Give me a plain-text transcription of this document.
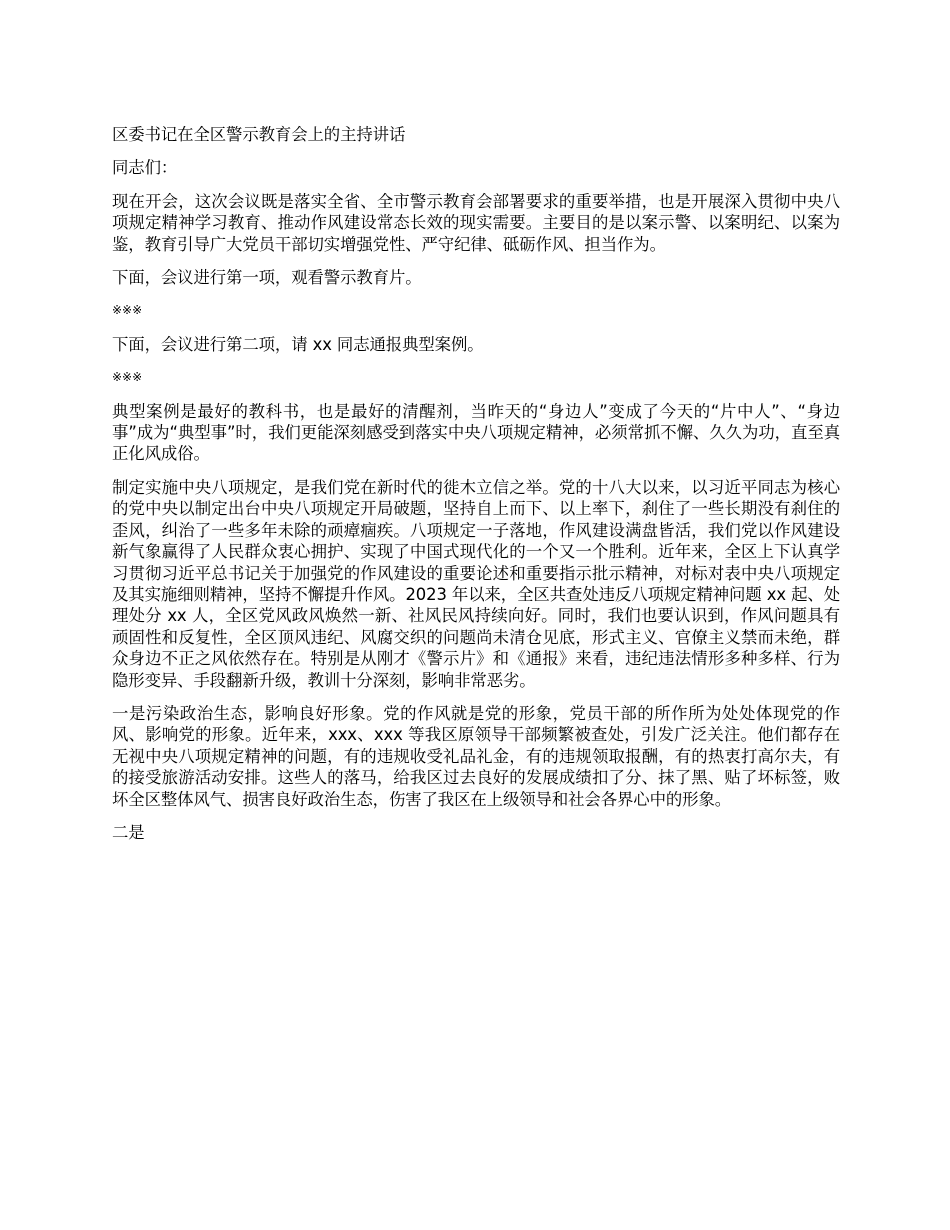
区委书记在全区警示教育会上的主持讲话

同志们：

现在开会，这次会议既是落实全省、全市警示教育会部署要求的重要举措，也是开展深入贯彻中央八项规定精神学习教育、推动作风建设常态长效的现实需要。主要目的是以案示警、以案明纪、以案为鉴，教育引导广大党员干部切实增强党性、严守纪律、砥砺作风、担当作为。

下面，会议进行第一项，观看警示教育片。

※※※

下面，会议进行第二项，请 xx 同志通报典型案例。

※※※

典型案例是最好的教科书，也是最好的清醒剂，当昨天的“身边人”变成了今天的“片中人”、“身边事”成为“典型事”时，我们更能深刻感受到落实中央八项规定精神，必须常抓不懈、久久为功，直至真正化风成俗。

制定实施中央八项规定，是我们党在新时代的徙木立信之举。党的十八大以来，以习近平同志为核心的党中央以制定出台中央八项规定开局破题，坚持自上而下、以上率下，刹住了一些长期没有刹住的歪风，纠治了一些多年未除的顽瘴痼疾。八项规定一子落地，作风建设满盘皆活，我们党以作风建设新气象赢得了人民群众衷心拥护、实现了中国式现代化的一个又一个胜利。近年来，全区上下认真学习贯彻习近平总书记关于加强党的作风建设的重要论述和重要指示批示精神，对标对表中央八项规定及其实施细则精神，坚持不懈提升作风。2023 年以来，全区共查处违反八项规定精神问题 xx 起、处理处分 xx 人，全区党风政风焕然一新、社风民风持续向好。同时，我们也要认识到，作风问题具有顽固性和反复性，全区顶风违纪、风腐交织的问题尚未清仓见底，形式主义、官僚主义禁而未绝，群众身边不正之风依然存在。特别是从刚才《警示片》和《通报》来看，违纪违法情形多种多样、行为隐形变异、手段翻新升级，教训十分深刻，影响非常恶劣。

一是污染政治生态，影响良好形象。党的作风就是党的形象，党员干部的所作所为处处体现党的作风、影响党的形象。近年来，xxx、xxx 等我区原领导干部频繁被查处，引发广泛关注。他们都存在无视中央八项规定精神的问题，有的违规收受礼品礼金，有的违规领取报酬，有的热衷打高尔夫，有的接受旅游活动安排。这些人的落马，给我区过去良好的发展成绩扣了分、抹了黑、贴了坏标签，败坏全区整体风气、损害良好政治生态，伤害了我区在上级领导和社会各界心中的形象。

二是
